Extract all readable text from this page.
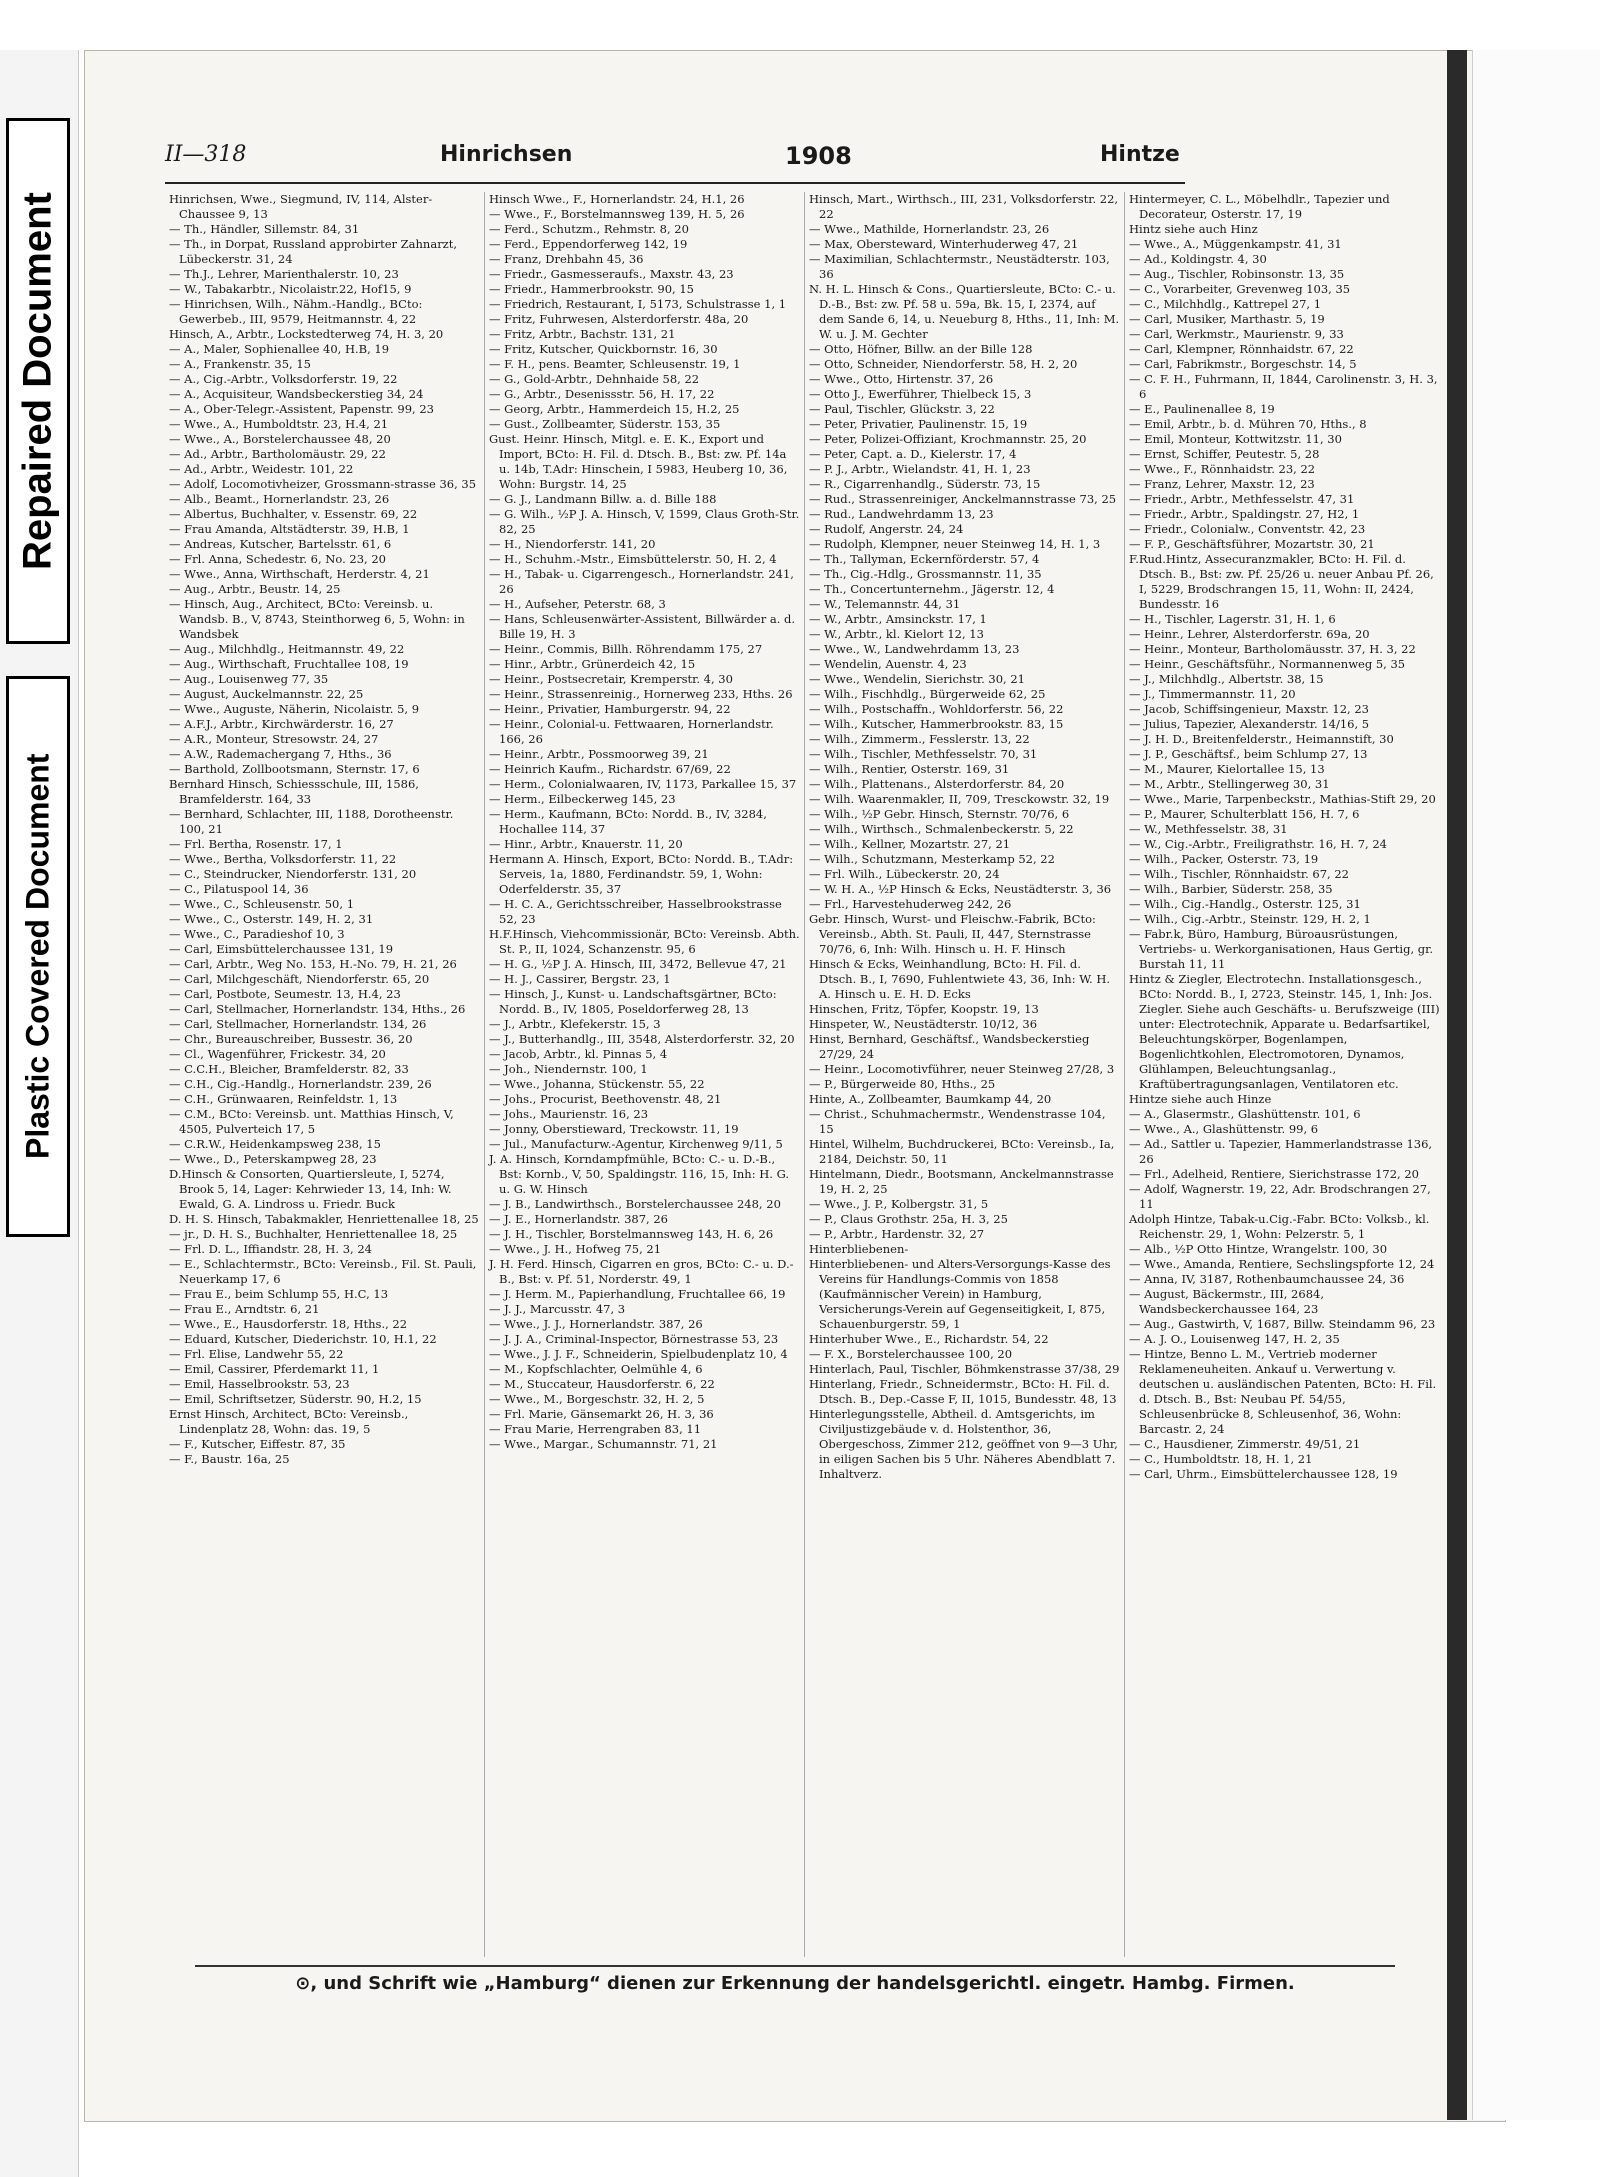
Repaired Document
Plastic Covered Document
II—318	Hinrichsen	1908	Hintze
Hinrichsen, Wwe., Siegmund, IV, 114, Alster-Chaussee 9, 13
— Th., Händler, Sillemstr. 84, 31
— Th., in Dorpat, Russland approbirter Zahnarzt, Lübeckerstr. 31, 24
— Th.J., Lehrer, Marienthalerstr. 10, 23
— W., Tabakarbtr., Nicolaistr.22, Hof15, 9
— Hinrichsen, Wilh., Nähm.-Handlg., BCto: Gewerbeb., III, 9579, Heitmannstr. 4, 22
Hinsch, A., Arbtr., Lockstedterweg 74, H. 3, 20
— A., Maler, Sophienallee 40, H.B, 19
— A., Frankenstr. 35, 15
— A., Cig.-Arbtr., Volksdorferstr. 19, 22
— A., Acquisiteur, Wandsbeckerstieg 34, 24
— A., Ober-Telegr.-Assistent, Papenstr. 99, 23
— Wwe., A., Humboldtstr. 23, H.4, 21
— Wwe., A., Borstelerchaussee 48, 20
— Ad., Arbtr., Bartholomäustr. 29, 22
— Ad., Arbtr., Weidestr. 101, 22
— Adolf, Locomotivheizer, Grossmann-strasse 36, 35
— Alb., Beamt., Hornerlandstr. 23, 26
— Albertus, Buchhalter, v. Essenstr. 69, 22
— Frau Amanda, Altstädterstr. 39, H.B, 1
— Andreas, Kutscher, Bartelsstr. 61, 6
— Frl. Anna, Schedestr. 6, No. 23, 20
— Wwe., Anna, Wirthschaft, Herderstr. 4, 21
— Aug., Arbtr., Beustr. 14, 25
— Hinsch, Aug., Architect, BCto: Vereinsb. u. Wandsb. B., V, 8743, Steinthorweg 6, 5, Wohn: in Wandsbek
— Aug., Milchhdlg., Heitmannstr. 49, 22
— Aug., Wirthschaft, Fruchtallee 108, 19
— Aug., Louisenweg 77, 35
— August, Auckelmannstr. 22, 25
— Wwe., Auguste, Näherin, Nicolaistr. 5, 9
— A.F.J., Arbtr., Kirchwärderstr. 16, 27
— A.R., Monteur, Stresowstr. 24, 27
— A.W., Rademachergang 7, Hths., 36
— Barthold, Zollbootsmann, Sternstr. 17, 6
Bernhard Hinsch, Schiessschule, III, 1586, Bramfelderstr. 164, 33
— Bernhard, Schlachter, III, 1188, Dorotheenstr. 100, 21
— Frl. Bertha, Rosenstr. 17, 1
— Wwe., Bertha, Volksdorferstr. 11, 22
— C., Steindrucker, Niendorferstr. 131, 20
— C., Pilatuspool 14, 36
— Wwe., C., Schleusenstr. 50, 1
— Wwe., C., Osterstr. 149, H. 2, 31
— Wwe., C., Paradieshof 10, 3
— Carl, Eimsbüttelerchaussee 131, 19
— Carl, Arbtr., Weg No. 153, H.-No. 79, H. 21, 26
— Carl, Milchgeschäft, Niendorferstr. 65, 20
— Carl, Postbote, Seumestr. 13, H.4, 23
— Carl, Stellmacher, Hornerlandstr. 134, Hths., 26
— Carl, Stellmacher, Hornerlandstr. 134, 26
— Chr., Bureauschreiber, Bussestr. 36, 20
— Cl., Wagenführer, Frickestr. 34, 20
— C.C.H., Bleicher, Bramfelderstr. 82, 33
— C.H., Cig.-Handlg., Hornerlandstr. 239, 26
— C.H., Grünwaaren, Reinfeldstr. 1, 13
— C.M., BCto: Vereinsb. unt. Matthias Hinsch, V, 4505, Pulverteich 17, 5
— C.R.W., Heidenkampsweg 238, 15
— Wwe., D., Peterskampweg 28, 23
D.Hinsch & Consorten, Quartiersleute, I, 5274, Brook 5, 14, Lager: Kehrwieder 13, 14, Inh: W. Ewald, G. A. Lindross u. Friedr. Buck
D. H. S. Hinsch, Tabakmakler, Henriettenallee 18, 25
— jr., D. H. S., Buchhalter, Henriettenallee 18, 25
— Frl. D. L., Iffiandstr. 28, H. 3, 24
— E., Schlachtermstr., BCto: Vereinsb., Fil. St. Pauli, Neuerkamp 17, 6
— Frau E., beim Schlump 55, H.C, 13
— Frau E., Arndtstr. 6, 21
— Wwe., E., Hausdorferstr. 18, Hths., 22
— Eduard, Kutscher, Diederichstr. 10, H.1, 22
— Frl. Elise, Landwehr 55, 22
— Emil, Cassirer, Pferdemarkt 11, 1
— Emil, Hasselbrookstr. 53, 23
— Emil, Schriftsetzer, Süderstr. 90, H.2, 15
Ernst Hinsch, Architect, BCto: Vereinsb., Lindenplatz 28, Wohn: das. 19, 5
— F., Kutscher, Eiffestr. 87, 35
— F., Baustr. 16a, 25
Hinsch Wwe., F., Hornerlandstr. 24, H.1, 26
— Wwe., F., Borstelmannsweg 139, H. 5, 26
— Ferd., Schutzm., Rehmstr. 8, 20
— Ferd., Eppendorferweg 142, 19
— Franz, Drehbahn 45, 36
— Friedr., Gasmesseraufs., Maxstr. 43, 23
— Friedr., Hammerbrookstr. 90, 15
— Friedrich, Restaurant, I, 5173, Schulstrasse 1, 1
— Fritz, Fuhrwesen, Alsterdorferstr. 48a, 20
— Fritz, Arbtr., Bachstr. 131, 21
— Fritz, Kutscher, Quickbornstr. 16, 30
— F. H., pens. Beamter, Schleusenstr. 19, 1
— G., Gold-Arbtr., Dehnhaide 58, 22
— G., Arbtr., Desenissstr. 56, H. 17, 22
— Georg, Arbtr., Hammerdeich 15, H.2, 25
— Gust., Zollbeamter, Süderstr. 153, 35
Gust. Heinr. Hinsch, Mitgl. e. E. K., Export und Import, BCto: H. Fil. d. Dtsch. B., Bst: zw. Pf. 14a u. 14b, T.Adr: Hinschein, I 5983, Heuberg 10, 36, Wohn: Burgstr. 14, 25
— G. J., Landmann Billw. a. d. Bille 188
— G. Wilh., ½P J. A. Hinsch, V, 1599, Claus Groth-Str. 82, 25
— H., Niendorferstr. 141, 20
— H., Schuhm.-Mstr., Eimsbüttelerstr. 50, H. 2, 4
— H., Tabak- u. Cigarrengesch., Hornerlandstr. 241, 26
— H., Aufseher, Peterstr. 68, 3
— Hans, Schleusenwärter-Assistent, Billwärder a. d. Bille 19, H. 3
— Heinr., Commis, Billh. Röhrendamm 175, 27
— Hinr., Arbtr., Grünerdeich 42, 15
— Heinr., Postsecretair, Kremperstr. 4, 30
— Heinr., Strassenreinig., Hornerweg 233, Hths. 26
— Heinr., Privatier, Hamburgerstr. 94, 22
— Heinr., Colonial-u. Fettwaaren, Hornerlandstr. 166, 26
— Heinr., Arbtr., Possmoorweg 39, 21
— Heinrich Kaufm., Richardstr. 67/69, 22
— Herm., Colonialwaaren, IV, 1173, Parkallee 15, 37
— Herm., Eilbeckerweg 145, 23
— Herm., Kaufmann, BCto: Nordd. B., IV, 3284, Hochallee 114, 37
— Hinr., Arbtr., Knauerstr. 11, 20
Hermann A. Hinsch, Export, BCto: Nordd. B., T.Adr: Serveis, 1a, 1880, Ferdinandstr. 59, 1, Wohn: Oderfelderstr. 35, 37
— H. C. A., Gerichtsschreiber, Hasselbrookstrasse 52, 23
H.F.Hinsch, Viehcommissionär, BCto: Vereinsb. Abth. St. P., II, 1024, Schanzenstr. 95, 6
— H. G., ½P J. A. Hinsch, III, 3472, Bellevue 47, 21
— H. J., Cassirer, Bergstr. 23, 1
— Hinsch, J., Kunst- u. Landschaftsgärtner, BCto: Nordd. B., IV, 1805, Poseldorferweg 28, 13
— J., Arbtr., Klefekerstr. 15, 3
— J., Butterhandlg., III, 3548, Alsterdorferstr. 32, 20
— Jacob, Arbtr., kl. Pinnas 5, 4
— Joh., Niendernstr. 100, 1
— Wwe., Johanna, Stückenstr. 55, 22
— Johs., Procurist, Beethovenstr. 48, 21
— Johs., Maurienstr. 16, 23
— Jonny, Oberstieward, Treckowstr. 11, 19
— Jul., Manufacturw.-Agentur, Kirchenweg 9/11, 5
J. A. Hinsch, Korndampfmühle, BCto: C.- u. D.-B., Bst: Kornb., V, 50, Spaldingstr. 116, 15, Inh: H. G. u. G. W. Hinsch
— J. B., Landwirthsch., Borstelerchaussee 248, 20
— J. E., Hornerlandstr. 387, 26
— J. H., Tischler, Borstelmannsweg 143, H. 6, 26
— Wwe., J. H., Hofweg 75, 21
J. H. Ferd. Hinsch, Cigarren en gros, BCto: C.- u. D.-B., Bst: v. Pf. 51, Norderstr. 49, 1
— J. Herm. M., Papierhandlung, Fruchtallee 66, 19
— J. J., Marcusstr. 47, 3
— Wwe., J. J., Hornerlandstr. 387, 26
— J. J. A., Criminal-Inspector, Börnestrasse 53, 23
— Wwe., J. J. F., Schneiderin, Spielbudenplatz 10, 4
— M., Kopfschlachter, Oelmühle 4, 6
— M., Stuccateur, Hausdorferstr. 6, 22
— Wwe., M., Borgeschstr. 32, H. 2, 5
— Frl. Marie, Gänsemarkt 26, H. 3, 36
— Frau Marie, Herrengraben 83, 11
— Wwe., Margar., Schumannstr. 71, 21
Hinsch, Mart., Wirthsch., III, 231, Volksdorferstr. 22, 22
— Wwe., Mathilde, Hornerlandstr. 23, 26
— Max, Obersteward, Winterhuderweg 47, 21
— Maximilian, Schlachtermstr., Neustädterstr. 103, 36
N. H. L. Hinsch & Cons., Quartiersleute, BCto: C.- u. D.-B., Bst: zw. Pf. 58 u. 59a, Bk. 15, I, 2374, auf dem Sande 6, 14, u. Neueburg 8, Hths., 11, Inh: M. W. u. J. M. Gechter
— Otto, Höfner, Billw. an der Bille 128
— Otto, Schneider, Niendorferstr. 58, H. 2, 20
— Wwe., Otto, Hirtenstr. 37, 26
— Otto J., Ewerführer, Thielbeck 15, 3
— Paul, Tischler, Glückstr. 3, 22
— Peter, Privatier, Paulinenstr. 15, 19
— Peter, Polizei-Offiziant, Krochmannstr. 25, 20
— Peter, Capt. a. D., Kielerstr. 17, 4
— P. J., Arbtr., Wielandstr. 41, H. 1, 23
— R., Cigarrenhandlg., Süderstr. 73, 15
— Rud., Strassenreiniger, Anckelmannstrasse 73, 25
— Rud., Landwehrdamm 13, 23
— Rudolf, Angerstr. 24, 24
— Rudolph, Klempner, neuer Steinweg 14, H. 1, 3
— Th., Tallyman, Eckernförderstr. 57, 4
— Th., Cig.-Hdlg., Grossmannstr. 11, 35
— Th., Concertunternehm., Jägerstr. 12, 4
— W., Telemannstr. 44, 31
— W., Arbtr., Amsinckstr. 17, 1
— W., Arbtr., kl. Kielort 12, 13
— Wwe., W., Landwehrdamm 13, 23
— Wendelin, Auenstr. 4, 23
— Wwe., Wendelin, Sierichstr. 30, 21
— Wilh., Fischhdlg., Bürgerweide 62, 25
— Wilh., Postschaffn., Wohldorferstr. 56, 22
— Wilh., Kutscher, Hammerbrookstr. 83, 15
— Wilh., Zimmerm., Fesslerstr. 13, 22
— Wilh., Tischler, Methfesselstr. 70, 31
— Wilh., Rentier, Osterstr. 169, 31
— Wilh., Plattenans., Alsterdorferstr. 84, 20
— Wilh. Waarenmakler, II, 709, Tresckowstr. 32, 19
— Wilh., ½P Gebr. Hinsch, Sternstr. 70/76, 6
— Wilh., Wirthsch., Schmalenbeckerstr. 5, 22
— Wilh., Kellner, Mozartstr. 27, 21
— Wilh., Schutzmann, Mesterkamp 52, 22
— Frl. Wilh., Lübeckerstr. 20, 24
— W. H. A., ½P Hinsch & Ecks, Neustädterstr. 3, 36
— Frl., Harvestehuderweg 242, 26
Gebr. Hinsch, Wurst- und Fleischw.-Fabrik, BCto: Vereinsb., Abth. St. Pauli, II, 447, Sternstrasse 70/76, 6, Inh: Wilh. Hinsch u. H. F. Hinsch
Hinsch & Ecks, Weinhandlung, BCto: H. Fil. d. Dtsch. B., I, 7690, Fuhlentwiete 43, 36, Inh: W. H. A. Hinsch u. E. H. D. Ecks
Hinschen, Fritz, Töpfer, Koopstr. 19, 13
Hinspeter, W., Neustädterstr. 10/12, 36
Hinst, Bernhard, Geschäftsf., Wandsbeckerstieg 27/29, 24
— Heinr., Locomotivführer, neuer Steinweg 27/28, 3
— P., Bürgerweide 80, Hths., 25
Hinte, A., Zollbeamter, Baumkamp 44, 20
— Christ., Schuhmachermstr., Wendenstrasse 104, 15
Hintel, Wilhelm, Buchdruckerei, BCto: Vereinsb., Ia, 2184, Deichstr. 50, 11
Hintelmann, Diedr., Bootsmann, Anckelmannstrasse 19, H. 2, 25
— Wwe., J. P., Kolbergstr. 31, 5
— P., Claus Grothstr. 25a, H. 3, 25
— P., Arbtr., Hardenstr. 32, 27
Hinterbliebenen-
Hinterbliebenen- und Alters-Versorgungs-Kasse des Vereins für Handlungs-Commis von 1858 (Kaufmännischer Verein) in Hamburg, Versicherungs-Verein auf Gegenseitigkeit, I, 875, Schauenburgerstr. 59, 1
Hinterhuber Wwe., E., Richardstr. 54, 22
— F. X., Borstelerchaussee 100, 20
Hinterlach, Paul, Tischler, Böhmkenstrasse 37/38, 29
Hinterlang, Friedr., Schneidermstr., BCto: H. Fil. d. Dtsch. B., Dep.-Casse F, II, 1015, Bundesstr. 48, 13
Hinterlegungsstelle, Abtheil. d. Amtsgerichts, im Civiljustizgebäude v. d. Holstenthor, 36, Obergeschoss, Zimmer 212, geöffnet von 9—3 Uhr, in eiligen Sachen bis 5 Uhr. Näheres Abendblatt 7. Inhaltverz.
Hintermeyer, C. L., Möbelhdlr., Tapezier und Decorateur, Osterstr. 17, 19
Hintz siehe auch Hinz
— Wwe., A., Müggenkampstr. 41, 31
— Ad., Koldingstr. 4, 30
— Aug., Tischler, Robinsonstr. 13, 35
— C., Vorarbeiter, Grevenweg 103, 35
— C., Milchhdlg., Kattrepel 27, 1
— Carl, Musiker, Marthastr. 5, 19
— Carl, Werkmstr., Maurienstr. 9, 33
— Carl, Klempner, Rönnhaidstr. 67, 22
— Carl, Fabrikmstr., Borgeschstr. 14, 5
— C. F. H., Fuhrmann, II, 1844, Carolinenstr. 3, H. 3, 6
— E., Paulinenallee 8, 19
— Emil, Arbtr., b. d. Mühren 70, Hths., 8
— Emil, Monteur, Kottwitzstr. 11, 30
— Ernst, Schiffer, Peutestr. 5, 28
— Wwe., F., Rönnhaidstr. 23, 22
— Franz, Lehrer, Maxstr. 12, 23
— Friedr., Arbtr., Methfesselstr. 47, 31
— Friedr., Arbtr., Spaldingstr. 27, H2, 1
— Friedr., Colonialw., Conventstr. 42, 23
— F. P., Geschäftsführer, Mozartstr. 30, 21
F.Rud.Hintz, Assecuranzmakler, BCto: H. Fil. d. Dtsch. B., Bst: zw. Pf. 25/26 u. neuer Anbau Pf. 26, I, 5229, Brodschrangen 15, 11, Wohn: II, 2424, Bundesstr. 16
— H., Tischler, Lagerstr. 31, H. 1, 6
— Heinr., Lehrer, Alsterdorferstr. 69a, 20
— Heinr., Monteur, Bartholomäusstr. 37, H. 3, 22
— Heinr., Geschäftsführ., Normannenweg 5, 35
— J., Milchhdlg., Albertstr. 38, 15
— J., Timmermannstr. 11, 20
— Jacob, Schiffsingenieur, Maxstr. 12, 23
— Julius, Tapezier, Alexanderstr. 14/16, 5
— J. H. D., Breitenfelderstr., Heimannstift, 30
— J. P., Geschäftsf., beim Schlump 27, 13
— M., Maurer, Kielortallee 15, 13
— M., Arbtr., Stellingerweg 30, 31
— Wwe., Marie, Tarpenbeckstr., Mathias-Stift 29, 20
— P., Maurer, Schulterblatt 156, H. 7, 6
— W., Methfesselstr. 38, 31
— W., Cig.-Arbtr., Freiligrathstr. 16, H. 7, 24
— Wilh., Packer, Osterstr. 73, 19
— Wilh., Tischler, Rönnhaidstr. 67, 22
— Wilh., Barbier, Süderstr. 258, 35
— Wilh., Cig.-Handlg., Osterstr. 125, 31
— Wilh., Cig.-Arbtr., Steinstr. 129, H. 2, 1
— Fabr.k, Büro, Hamburg, Büroausrüstungen, Vertriebs- u. Werkorganisationen, Haus Gertig, gr. Burstah 11, 11
Hintz & Ziegler, Electrotechn. Installationsgesch., BCto: Nordd. B., I, 2723, Steinstr. 145, 1, Inh: Jos. Ziegler. Siehe auch Geschäfts- u. Berufszweige (III) unter: Electrotechnik, Apparate u. Bedarfsartikel, Beleuchtungskörper, Bogenlampen, Bogenlichtkohlen, Electromotoren, Dynamos, Glühlampen, Beleuchtungsanlag., Kraftübertragungsanlagen, Ventilatoren etc.
Hintze siehe auch Hinze
— A., Glasermstr., Glashüttenstr. 101, 6
— Wwe., A., Glashüttenstr. 99, 6
— Ad., Sattler u. Tapezier, Hammerlandstrasse 136, 26
— Frl., Adelheid, Rentiere, Sierichstrasse 172, 20
— Adolf, Wagnerstr. 19, 22, Adr. Brodschrangen 27, 11
Adolph Hintze, Tabak-u.Cig.-Fabr. BCto: Volksb., kl. Reichenstr. 29, 1, Wohn: Pelzerstr. 5, 1
— Alb., ½P Otto Hintze, Wrangelstr. 100, 30
— Wwe., Amanda, Rentiere, Sechslingspforte 12, 24
— Anna, IV, 3187, Rothenbaumchaussee 24, 36
— August, Bäckermstr., III, 2684, Wandsbeckerchaussee 164, 23
— Aug., Gastwirth, V, 1687, Billw. Steindamm 96, 23
— A. J. O., Louisenweg 147, H. 2, 35
— Hintze, Benno L. M., Vertrieb moderner Reklameneuheiten. Ankauf u. Verwertung v. deutschen u. ausländischen Patenten, BCto: H. Fil. d. Dtsch. B., Bst: Neubau Pf. 54/55, Schleusenbrücke 8, Schleusenhof, 36, Wohn: Barcastr. 2, 24
— C., Hausdiener, Zimmerstr. 49/51, 21
— C., Humboldtstr. 18, H. 1, 21
— Carl, Uhrm., Eimsbüttelerchaussee 128, 19
⊙, und Schrift wie „Hamburg“ dienen zur Erkennung der handelsgerichtl. eingetr. Hambg. Firmen.
